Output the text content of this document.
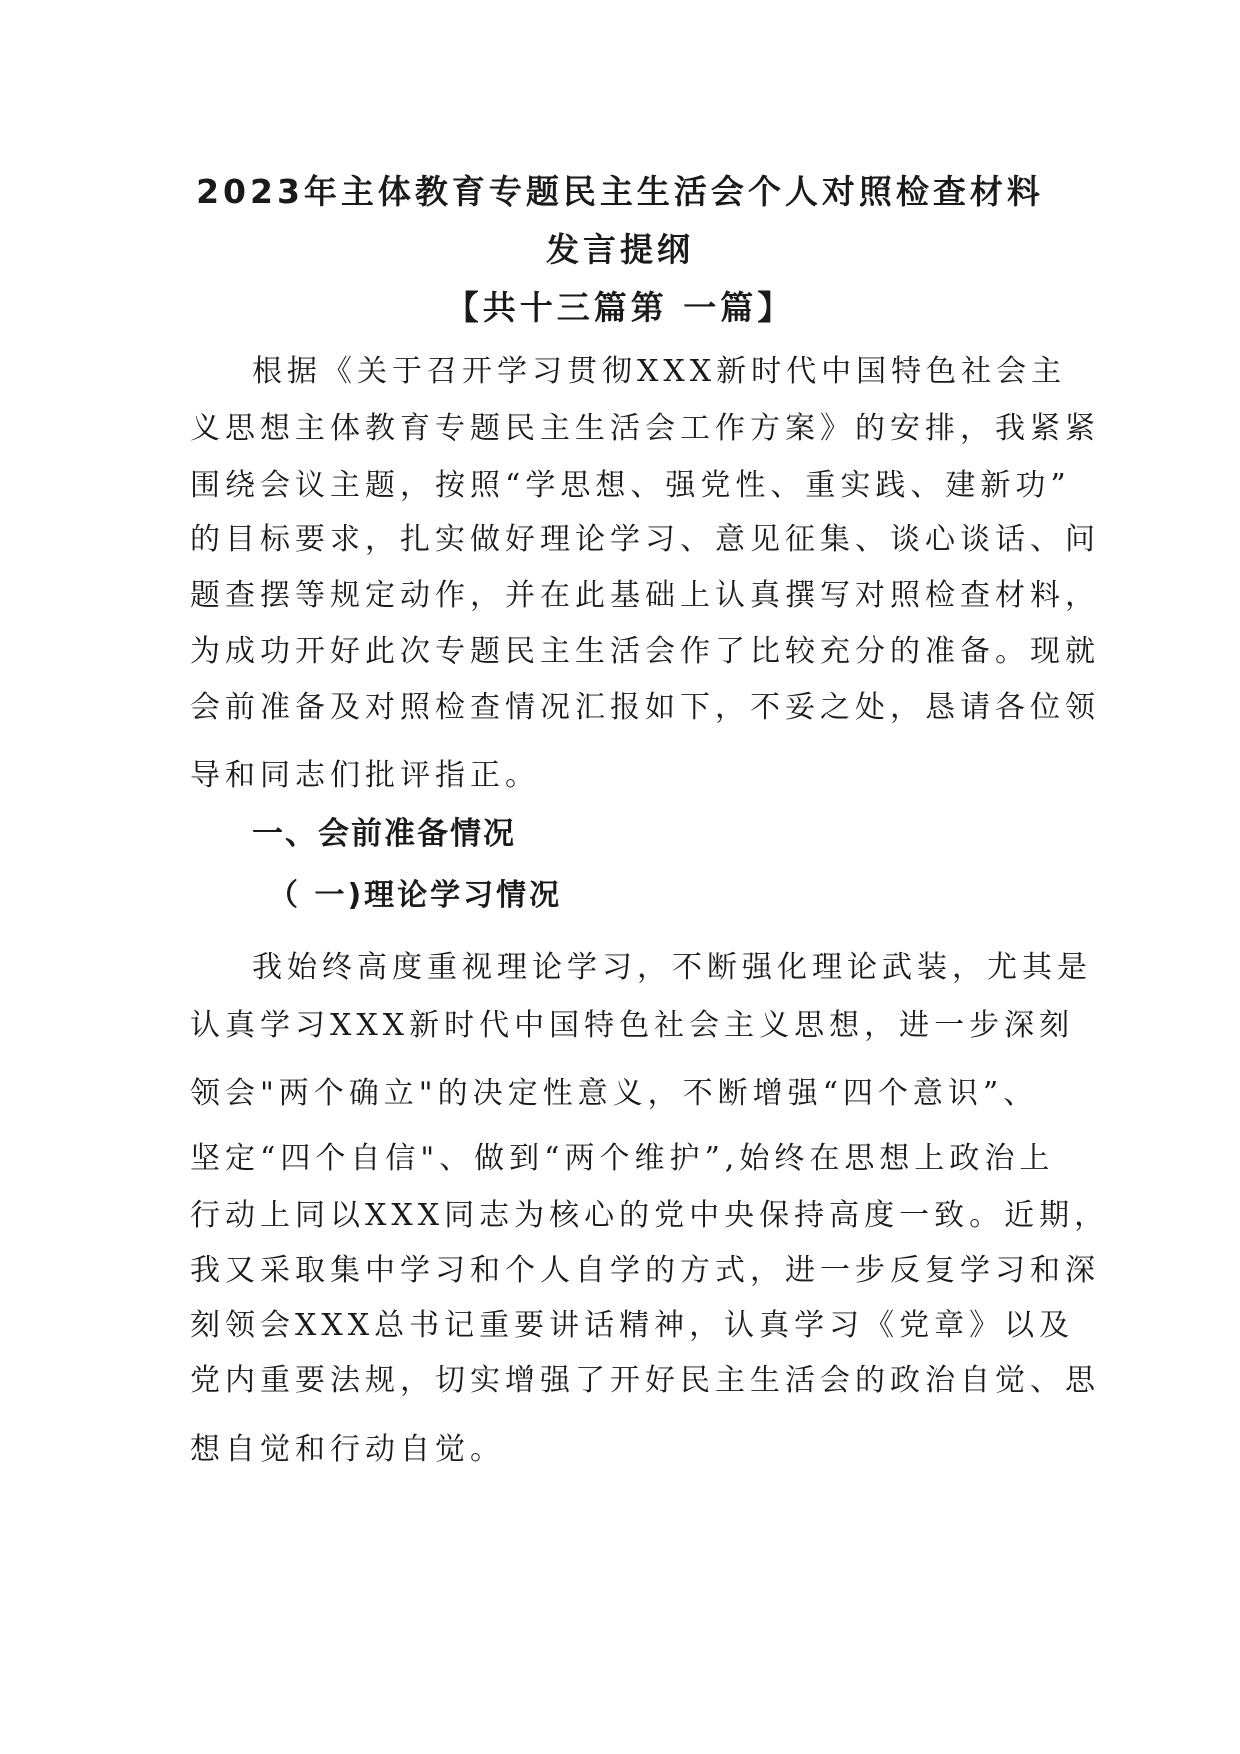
2023年主体教育专题民主生活会个人对照检查材料
发言提纲
【共十三篇第 一篇】

根据《关于召开学习贯彻XXX新时代中国特色社会主

义思想主体教育专题民主生活会工作方案》的安排，我紧紧

围绕会议主题，按照“学思想、强党性、重实践、建新功”

的目标要求，扎实做好理论学习、意见征集、谈心谈话、问

题查摆等规定动作，并在此基础上认真撰写对照检查材料，

为成功开好此次专题民主生活会作了比较充分的准备。现就

会前准备及对照检查情况汇报如下，不妥之处，恳请各位领

导和同志们批评指正。

一、会前准备情况
（ 一)理论学习情况

我始终高度重视理论学习，不断强化理论武装，尤其是

认真学习XXX新时代中国特色社会主义思想，进一步深刻

领会"两个确立"的决定性意义，不断增强“四个意识”、

坚定“四个自信"、做到“两个维护”,始终在思想上政治上

行动上同以XXX同志为核心的党中央保持高度一致。近期，

我又采取集中学习和个人自学的方式，进一步反复学习和深

刻领会XXX总书记重要讲话精神，认真学习《党章》以及

党内重要法规，切实增强了开好民主生活会的政治自觉、思

想自觉和行动自觉。
